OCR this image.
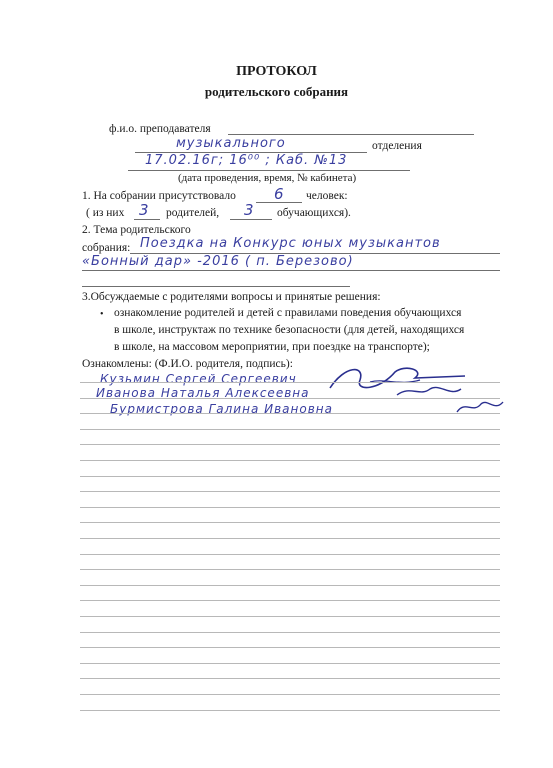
ПРОТОКОЛ
родительского собрания
ф.и.о. преподавателя
музыкального	отделения
17.02.16г; 16⁰⁰ ; Каб. №13
(дата проведения, время, № кабинета)
1. На собрании присутствовало	6 человек:
( из них 3 родителей, 3 обучающихся).
2. Тема родительского
собрания: Поездка на Конкурс юных музыкантов
«Бонный дар» -2016 ( п. Березово)
3.Обсуждаемые с родителями вопросы и принятые решения:
• ознакомление родителей и детей с правилами поведения обучающихся
в школе, инструктаж по технике безопасности (для детей, находящихся
в школе, на массовом мероприятии, при поездке на транспорте);
Ознакомлены: (Ф.И.О. родителя, подпись):
Кузьмин Сергей Сергеевич
Иванова Наталья Алексеевна
Бурмистрова Галина Ивановна
